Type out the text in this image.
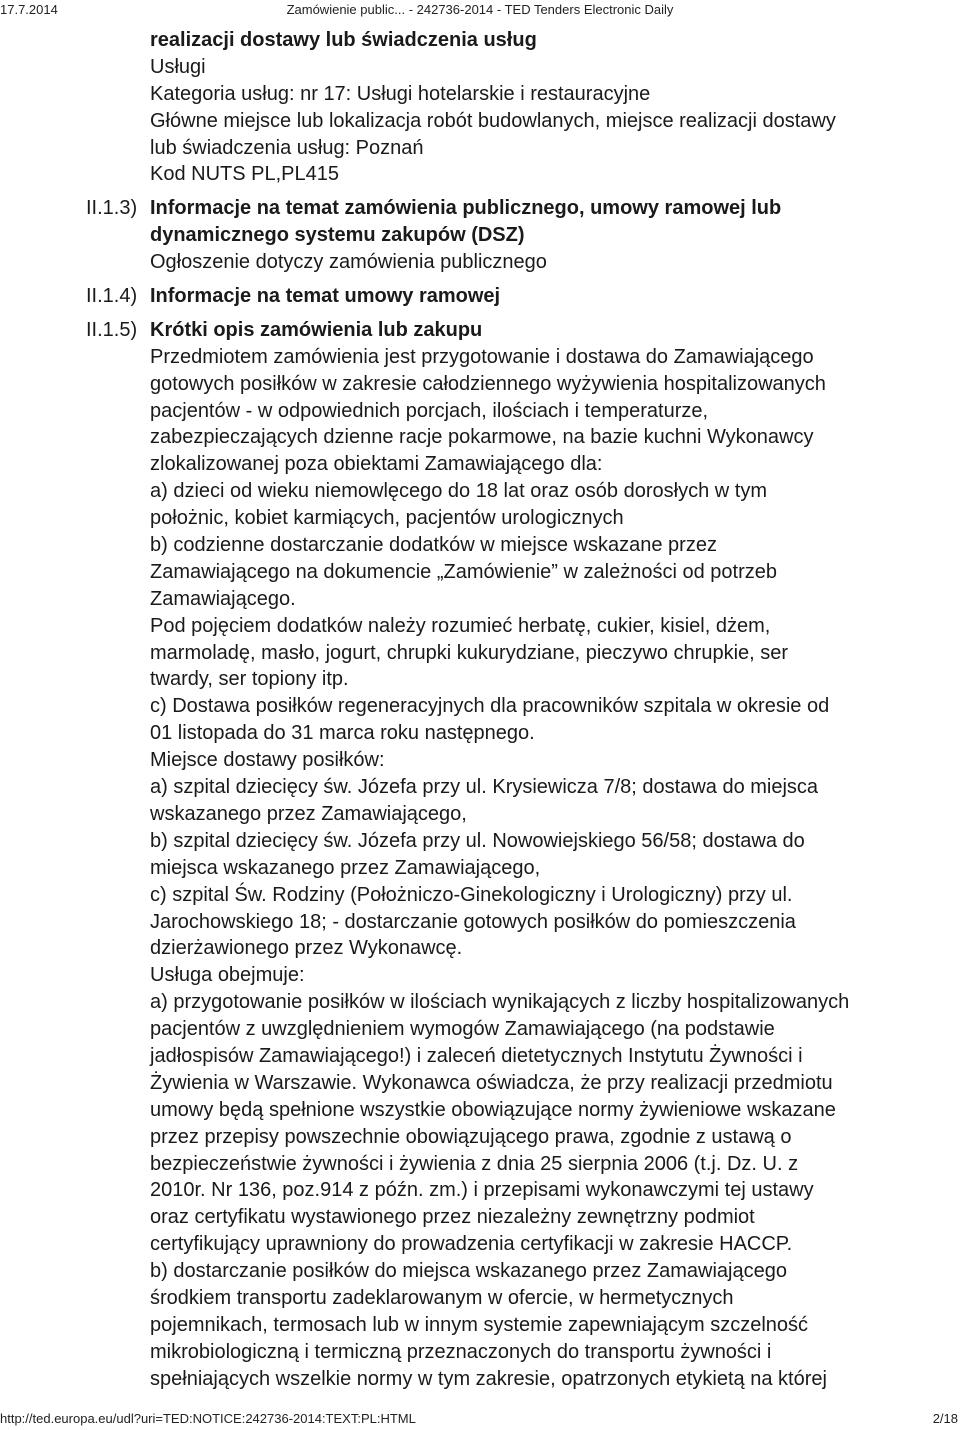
17.7.2014	Zamówienie public... - 242736-2014 - TED Tenders Electronic Daily
realizacji dostawy lub świadczenia usług
Usługi
Kategoria usług: nr 17: Usługi hotelarskie i restauracyjne
Główne miejsce lub lokalizacja robót budowlanych, miejsce realizacji dostawy
lub świadczenia usług: Poznań
Kod NUTS PL,PL415
II.1.3) Informacje na temat zamówienia publicznego, umowy ramowej lub
dynamicznego systemu zakupów (DSZ)
Ogłoszenie dotyczy zamówienia publicznego
II.1.4) Informacje na temat umowy ramowej
II.1.5) Krótki opis zamówienia lub zakupu
Przedmiotem zamówienia jest przygotowanie i dostawa do Zamawiającego
gotowych posiłków w zakresie całodziennego wyżywienia hospitalizowanych
pacjentów - w odpowiednich porcjach, ilościach i temperaturze,
zabezpieczających dzienne racje pokarmowe, na bazie kuchni Wykonawcy
zlokalizowanej poza obiektami Zamawiającego dla:
a) dzieci od wieku niemowlęcego do 18 lat oraz osób dorosłych w tym
położnic, kobiet karmiących, pacjentów urologicznych
b) codzienne dostarczanie dodatków w miejsce wskazane przez
Zamawiającego na dokumencie „Zamówienie” w zależności od potrzeb
Zamawiającego.
Pod pojęciem dodatków należy rozumieć herbatę, cukier, kisiel, dżem,
marmoladę, masło, jogurt, chrupki kukurydziane, pieczywo chrupkie, ser
twardy, ser topiony itp.
c) Dostawa posiłków regeneracyjnych dla pracowników szpitala w okresie od
01 listopada do 31 marca roku następnego.
Miejsce dostawy posiłków:
a) szpital dziecięcy św. Józefa przy ul. Krysiewicza 7/8; dostawa do miejsca
wskazanego przez Zamawiającego,
b) szpital dziecięcy św. Józefa przy ul. Nowowiejskiego 56/58; dostawa do
miejsca wskazanego przez Zamawiającego,
c) szpital Św. Rodziny (Położniczo-Ginekologiczny i Urologiczny) przy ul.
Jarochowskiego 18; - dostarczanie gotowych posiłków do pomieszczenia
dzierżawionego przez Wykonawcę.
Usługa obejmuje:
a) przygotowanie posiłków w ilościach wynikających z liczby hospitalizowanych
pacjentów z uwzględnieniem wymogów Zamawiającego (na podstawie
jadłospisów Zamawiającego!) i zaleceń dietetycznych Instytutu Żywności i
Żywienia w Warszawie. Wykonawca oświadcza, że przy realizacji przedmiotu
umowy będą spełnione wszystkie obowiązujące normy żywieniowe wskazane
przez przepisy powszechnie obowiązującego prawa, zgodnie z ustawą o
bezpieczeństwie żywności i żywienia z dnia 25 sierpnia 2006 (t.j. Dz. U. z
2010r. Nr 136, poz.914 z późn. zm.) i przepisami wykonawczymi tej ustawy
oraz certyfikatu wystawionego przez niezależny zewnętrzny podmiot
certyfikujący uprawniony do prowadzenia certyfikacji w zakresie HACCP.
b) dostarczanie posiłków do miejsca wskazanego przez Zamawiającego
środkiem transportu zadeklarowanym w ofercie, w hermetycznych
pojemnikach, termosach lub w innym systemie zapewniającym szczelność
mikrobiologiczną i termiczną przeznaczonych do transportu żywności i
spełniających wszelkie normy w tym zakresie, opatrzonych etykietą na której
http://ted.europa.eu/udl?uri=TED:NOTICE:242736-2014:TEXT:PL:HTML	2/18
